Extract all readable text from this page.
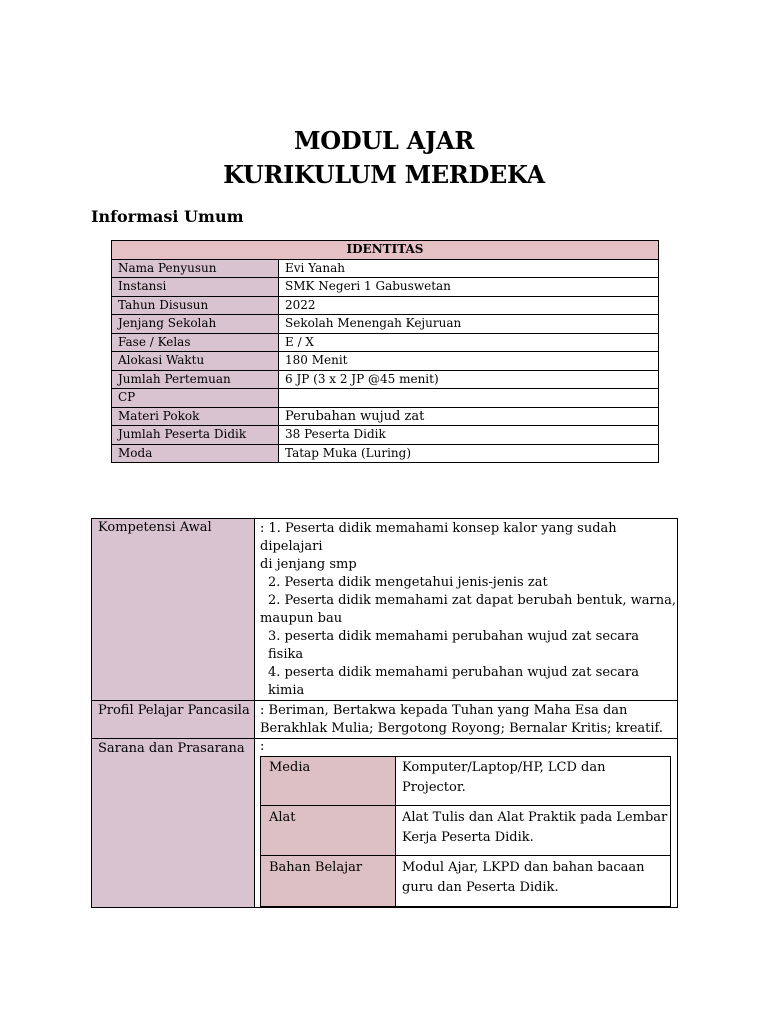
MODUL AJAR
KURIKULUM MERDEKA
Informasi Umum
IDENTITAS	
Nama Penyusun	Evi Yanah
Instansi	SMK Negeri 1 Gabuswetan
Tahun Disusun	2022
Jenjang Sekolah	Sekolah Menengah Kejuruan
Fase / Kelas	E / X
Alokasi Waktu	180 Menit
Jumlah Pertemuan	6 JP (3 x 2 JP @45 menit)
CP	
Materi Pokok	Perubahan wujud zat
Jumlah Peserta Didik	38 Peserta Didik
Moda	Tatap Muka (Luring)
Kompetensi Awal	: 1. Peserta didik memahami konsep kalor yang sudah dipelajari
di jenjang smp
2. Peserta didik mengetahui jenis-jenis zat
2. Peserta didik memahami zat dapat berubah bentuk, warna,
maupun bau
3. peserta didik memahami perubahan wujud zat secara fisika
4. peserta didik memahami perubahan wujud zat secara kimia

Profil Pelajar Pancasila	: Beriman, Bertakwa kepada Tuhan yang Maha Esa dan
Berakhlak Mulia; Bergotong Royong; Bernalar Kritis; kreatif.

Sarana dan Prasarana	:
Media	Komputer/Laptop/HP, LCD dan
Projector.

Alat	Alat Tulis dan Alat Praktik pada Lembar
Kerja Peserta Didik.

Bahan Belajar	Modul Ajar, LKPD dan bahan bacaan
guru dan Peserta Didik.
